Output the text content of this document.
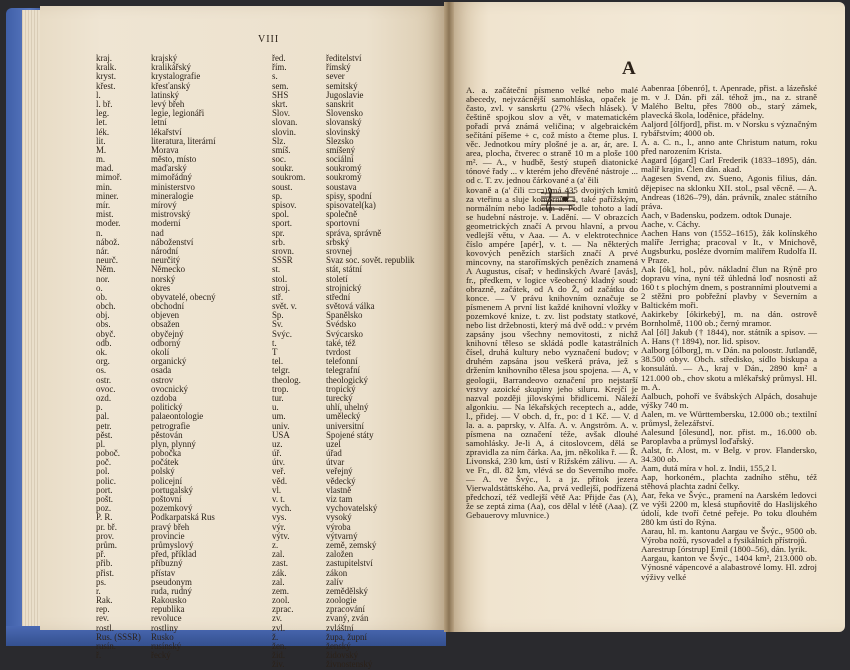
VIII
kraj.
kralk.
kryst.
křest.
l.
l. bř.
leg.
let.
lék.
lit.
M.
m.
mad.
mimoř.
min.
miner.
mír.
mist.
moder.
n.
nábož.
nár.
neurč.
Něm.
nor.
o.
ob.
obch.
obj.
obs.
obyč.
odb.
ok.
org.
os.
ostr.
ovoc.
ozd.
p.
pal.
petr.
pěst.
pl.
poboč.
poč.
pol.
polic.
port.
pošt.
poz.
P. R.
pr. bř.
prov.
prům.
př.
přib.
přist.
ps.
r.
Rak.
rep.
rev.
rostl.
Rus. (SSSR)
rusín.
ř.
krajský
kralikářský
krystalografie
křesťanský
latinský
levý břeh
legie, legionáři
letní
lékařství
literatura, literární
Morava
město, místo
maďarský
mimořádný
ministerstvo
mineralogie
mírový
mistrovský
moderní
nad
náboženství
národní
neurčitý
Německo
norský
okres
obyvatelé, obecný
obchodní
objeven
obsažen
obyčejný
odborný
okolí
organický
osada
ostrov
ovocnický
ozdoba
politický
palaeontologie
petrografie
pěstován
plyn, plynný
pobočka
počátek
polský
policejní
portugalský
poštovní
pozemkový
Podkarpatská Rus
pravý břeh
provincie
průmyslový
před, příklad
příbuzný
přístav
pseudonym
ruda, rudný
Rakousko
republika
revoluce
rostliny
Rusko
rusínský
řecký
řed.
řím.
s.
sem.
SHS
skrt.
Slov.
slovan.
slovin.
Slz.
smíš.
soc.
soukr.
soukrom.
soust.
sp.
spisov.
spol.
sport.
spr.
srb.
srovn.
SSSR
st.
stol.
stroj.
stř.
svět. v.
Šp.
Šv.
Švýc.
t.
T
tel.
telgr.
theolog.
trop.
tur.
u.
um.
univ.
USA
uz.
úř.
útv.
veř.
věd.
vl.
v. t.
vych.
vys.
výr.
výtv.
z.
zal.
zast.
zák.
zal.
zem.
zool.
zprac.
zv.
zvl.
ž.
žen.
žid.
živ.
ředitelství
římský
sever
semitský
Jugoslavie
sanskrit
Slovensko
slovanský
slovinský
Slezsko
smíšený
sociální
soukromý
soukromý
soustava
spisy, spodní
spisovatel(ka)
společně
sportovní
správa, správně
srbský
srovnej
Svaz soc. sovět. republik
stát, státní
století
strojnický
střední
světová válka
Španělsko
Švédsko
Švýcarsko
také, též
tvrdost
telefonní
telegrafní
theologický
tropický
turecký
uhlí, uhelný
umělecký
universitní
Spojené státy
uzel
úřad
útvar
veřejný
vědecký
vlastně
viz tam
vychovatelský
vysoký
výroba
výtvarný
země, zemský
založen
zastupitelství
zákon
zalív
zemědělský
zoologie
zpracování
zvaný, zván
zvláštní
župa, župní
ženský
židovský
živnostenský
A

A. a. začáteční písmeno velké nebo malé abecedy, nejvzácnější samohláska, opaček je často, zvl. v sanskrtu (27% všech hlásek). V češtině spojkou slov a vět, v matematickém pořadí prvá známá veličina; v algebraickém sečítání píšeme + c, což místo a čteme plus. I. věc. Jednotkou míry plošné je a. ar, ár, are. I. area, plocha, čtverec o straně 10 m a ploše 100 m². — A., v hudbě, šestý stupeň diatonické tónové řady ... v kterém jeho dřevěné nástroje ... od c. T. zv. jednou čárkované a (a' ěili

kovaně a (a' čili ▭▭) má 435 dvojitých kmitů za vteřinu a sluje komorním a, také pařížským, normálním nebo ladicím a. Podle tohoto a ladí se hudební nástroje. v. Ladění. — V obrazcích geometrických značí A prvou hlavní, a prvou vedlejší větu, v Aaa. — A. v elektrotechnice číslo ampére [apér], v. t. — Na některých kovových penězích starších značí A prvé mincovny, na starořímských penězích znamená A Augustus, císař; v hedinských Avaré [avás], fr., předkem, v logice všeobecný kladný soud: obrazně, začátek, od A do Ž, od začátku do konce. — V právu knihovním označuje se písmenem A první list každé knihovní vložky v pozemkové knize, t. zv. list podstaty statkové, nebo list držebnosti, který má dvě odd.: v prvém zapsány jsou všechny nemovitosti, z nichž knihovní těleso se skládá podle katastrálních čísel, druhá kultury nebo vyznačení budov; v druhém zapsána jsou veškerá práva, jež s držením knihovního tělesa jsou spojena. — A, v geologii, Barrandeovo označení pro nejstarší vrstvy azoické skupiny jeho siluru. Krejčí je nazval později jílovskými břidlicemi. Náleží algonkiu. — Na lékařských receptech a., adde, l., přidej. — V obch. d, fr., po: d 1 Kč. — V. d la. a. a. paprsky, v. Alfa. A. v. Angström. A. v. písmena na označení téže, avšak dlouhé samohlásky. Je-li A, á citoslovcem, dělá se zpravidla za ním čárka. Aa, jm. několika ř. — Ř. Livonská, 230 km, ústí v Rižském zálivu. — A. ve Fr., dl. 82 km, vlévá se do Severního moře. — A. ve Švýc., l. a jz. přítok jezera Vierwaldstättského. Aa, prvá vedlejší, podřízená předchozí, též vedlejší větě Aa: Přijde čas (A), že se zeptá zima (Aa), cos dělal v létě (Aaa). (Z Gebauerovy mluvnice.)

Aabenraa [óbenró], t. Apenrade, přist. a lázeňské m. v J. Dán. při zál. téhož jm., na z. straně Malého Beltu, přes 7800 ob., starý zámek, plavecká škola, loděnice, přádelny.

Aaljord [ólfjord], přist. m. v Norsku s význačným rybářstvím; 4000 ob.

A. a. C. n., l., anno ante Christum natum, roku před narozením Krista.

Aagard [ógard] Carl Frederik (1833–1895), dán. malíř krajin. Člen dán. akad.

Aagesen Svend, zv. Sueno, Agonis filius, dán. dějepisec na sklonku XII. stol., psal věcně. — A. Andreas (1826–79), dán. právník, znalec státního práva.

Aach, v Badensku, podzem. odtok Dunaje.

Aache, v. Cáchy.

Aachen Hans von (1552–1615), žák kolínského malíře Jerrigha; pracoval v It., v Mnichově, Augsburku, posléze dvorním malířem Rudolfa II. v Praze.

Aak [ók], hol., pův. nákladní člun na Rýně pro dopravu vína, nyní též úhledná loď nosnosti až 160 t s plochým dnem, s postranními ploutvemi a 2 stěžni pro pobřežní plavby v Severním a Baltickém moři.

Aakirkeby [ókirkebý], m. na dán. ostrově Bornholmě, 1100 ob.; černý mramor.

Aal [ól] Jakub († 1844), nor. státník a spisov. — A. Hans († 1894), nor. lid. spisov.

Aalborg [ólborg], m. v Dán. na poloostr. Jutlandě, 38.500 obyv. Obch. středisko, sídlo biskupa a konsulátů. — A., kraj v Dán., 2890 km² a 121.000 ob., chov skotu a mlékařský průmysl. Hl. m. A.

Aalbuch, pohoří ve švábských Alpách, dosahuje výšky 740 m.

Aalen, m. ve Württembersku, 12.000 ob.; textilní průmysl, železářství.

Aalesund [ólesund], nor. přist. m., 16.000 ob. Paroplavba a průmysl loďařský.

Aalst, fr. Alost, m. v Belg. v prov. Flandersko, 34.300 ob.

Aam, dutá míra v hol. z. Indii, 155,2 l.

Aap, horkoném., plachta zadního stěhu, též stěhová plachta zadní čelky.

Aar, řeka ve Švýc., pramení na Aarském ledovci ve výši 2200 m, klesá stupňovitě do Haslijského údolí, kde tvoří četné peřeje. Po toku dlouhém 280 km ústí do Rýna.

Aarau, hl. m. kantonu Aargau ve Švýc., 9500 ob. Výroba nožů, rysovadel a fysikálních přístrojů.

Aarestrup [órstrup] Emil (1800–56), dán. lyrik.

Aargau, kanton ve Švýc., 1404 km², 213.000 ob. Výnosné vápencové a alabastrové lomy. Hl. zdroj výživy velké
